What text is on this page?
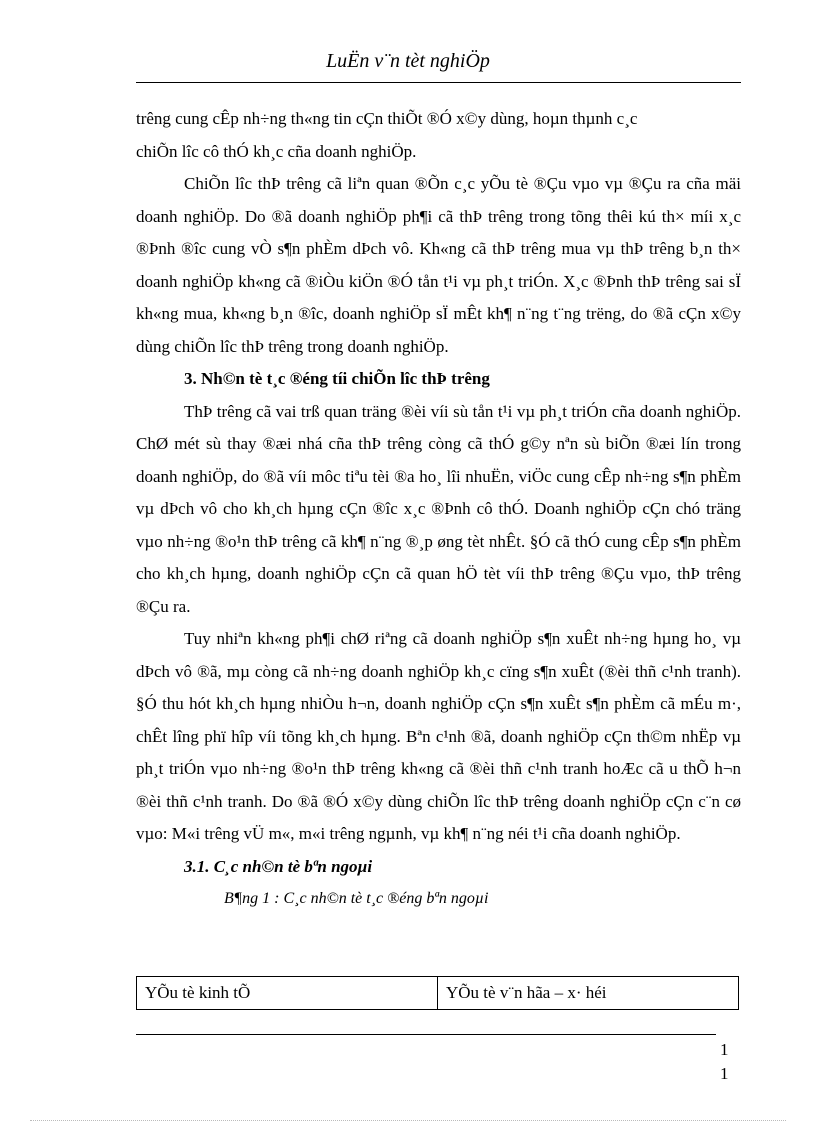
LuËn v¨n tèt nghiÖp

trêng cung cÊp nh÷ng th«ng tin cÇn thiÕt ®Ó x©y dùng, hoµn thµnh c¸c
chiÕn lîc cô thÓ kh¸c cña doanh nghiÖp.

ChiÕn lîc thÞ trêng cã liªn quan ®Õn c¸c yÕu tè ®Çu vµo vµ ®Çu ra cña mäi doanh nghiÖp. Do ®ã doanh nghiÖp ph¶i cã thÞ trêng trong tõng thêi kú th× míi x¸c ®Þnh ®îc cung vÒ s¶n phÈm dÞch vô. Kh«ng cã thÞ trêng mua vµ thÞ trêng b¸n th× doanh nghiÖp kh«ng cã ®iÒu kiÖn ®Ó tån t¹i vµ ph¸t triÓn. X¸c ®Þnh thÞ trêng sai sÏ kh«ng mua, kh«ng b¸n ®îc, doanh nghiÖp sÏ mÊt kh¶ n¨ng t¨ng trëng, do ®ã cÇn x©y dùng chiÕn lîc thÞ trêng trong doanh nghiÖp.

3. Nh©n tè t¸c ®éng tíi chiÕn lîc thÞ trêng

ThÞ trêng cã vai trß quan träng ®èi víi sù tån t¹i vµ ph¸t triÓn cña doanh nghiÖp. ChØ mét sù thay ®æi nhá cña thÞ trêng còng cã thÓ g©y nªn sù biÕn ®æi lín trong doanh nghiÖp, do ®ã víi môc tiªu tèi ®a ho¸ lîi nhuËn, viÖc cung cÊp nh÷ng s¶n phÈm vµ dÞch vô cho kh¸ch hµng cÇn ®îc x¸c ®Þnh cô thÓ. Doanh nghiÖp cÇn chó träng vµo nh÷ng ®o¹n thÞ trêng cã kh¶ n¨ng ®¸p øng tèt nhÊt. §Ó cã thÓ cung cÊp s¶n phÈm cho kh¸ch hµng, doanh nghiÖp cÇn cã quan hÖ tèt víi thÞ trêng ®Çu vµo, thÞ trêng ®Çu ra.

Tuy nhiªn kh«ng ph¶i chØ riªng cã doanh nghiÖp s¶n xuÊt nh÷ng hµng ho¸ vµ dÞch vô ®ã, mµ còng cã nh÷ng doanh nghiÖp kh¸c cïng s¶n xuÊt (®èi thñ c¹nh tranh). §Ó thu hót kh¸ch hµng nhiÒu h¬n, doanh nghiÖp cÇn s¶n xuÊt s¶n phÈm cã mÉu m·, chÊt lîng phï hîp víi tõng kh¸ch hµng. Bªn c¹nh ®ã, doanh nghiÖp cÇn th©m nhËp vµ ph¸t triÓn vµo nh÷ng ®o¹n thÞ trêng kh«ng cã ®èi thñ c¹nh tranh hoÆc cã u thÕ h¬n ®èi thñ c¹nh tranh. Do ®ã ®Ó x©y dùng chiÕn lîc thÞ trêng doanh nghiÖp cÇn c¨n cø vµo: M«i trêng vÜ m«, m«i trêng ngµnh, vµ kh¶ n¨ng néi t¹i cña doanh nghiÖp.

3.1. C¸c nh©n tè bªn ngoµi

B¶ng 1 : C¸c nh©n tè t¸c ®éng bªn ngoµi

YÕu tè kinh tÕ	YÕu tè v¨n hãa – x· héi
1
1
